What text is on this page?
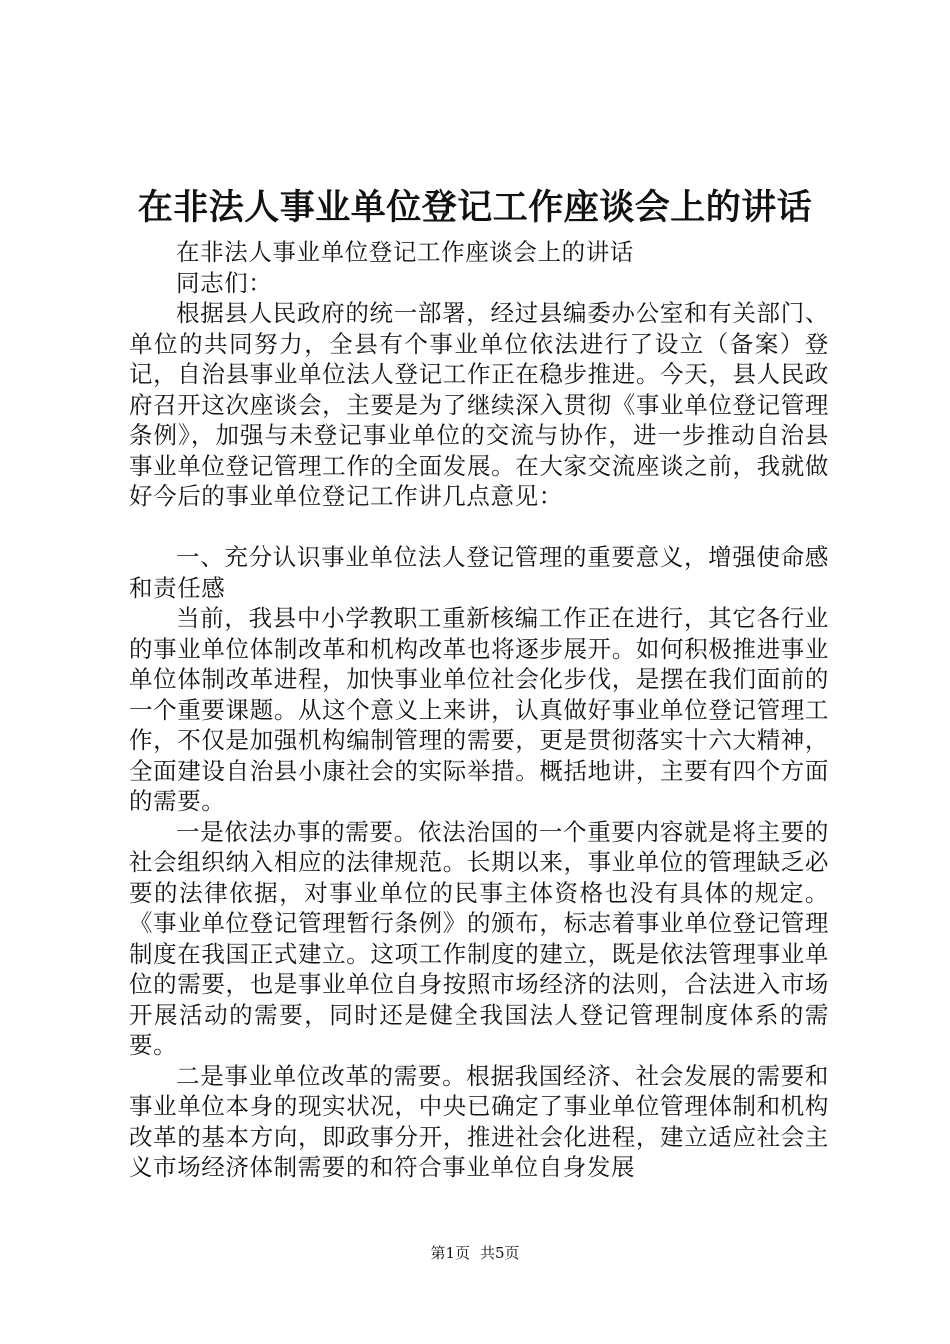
在非法人事业单位登记工作座谈会上的讲话

在非法人事业单位登记工作座谈会上的讲话

同志们：

根据县人民政府的统一部署，经过县编委办公室和有关部门、单位的共同努力，全县有个事业单位依法进行了设立（备案）登记，自治县事业单位法人登记工作正在稳步推进。今天，县人民政府召开这次座谈会，主要是为了继续深入贯彻《事业单位登记管理条例》，加强与未登记事业单位的交流与协作，进一步推动自治县事业单位登记管理工作的全面发展。在大家交流座谈之前，我就做好今后的事业单位登记工作讲几点意见：

一、充分认识事业单位法人登记管理的重要意义，增强使命感和责任感

当前，我县中小学教职工重新核编工作正在进行，其它各行业的事业单位体制改革和机构改革也将逐步展开。如何积极推进事业单位体制改革进程，加快事业单位社会化步伐，是摆在我们面前的一个重要课题。从这个意义上来讲，认真做好事业单位登记管理工作，不仅是加强机构编制管理的需要，更是贯彻落实十六大精神，全面建设自治县小康社会的实际举措。概括地讲，主要有四个方面的需要。

一是依法办事的需要。依法治国的一个重要内容就是将主要的社会组织纳入相应的法律规范。长期以来，事业单位的管理缺乏必要的法律依据，对事业单位的民事主体资格也没有具体的规定。《事业单位登记管理暂行条例》的颁布，标志着事业单位登记管理制度在我国正式建立。这项工作制度的建立，既是依法管理事业单位的需要，也是事业单位自身按照市场经济的法则，合法进入市场开展活动的需要，同时还是健全我国法人登记管理制度体系的需要。

二是事业单位改革的需要。根据我国经济、社会发展的需要和事业单位本身的现实状况，中央已确定了事业单位管理体制和机构改革的基本方向，即政事分开，推进社会化进程，建立适应社会主义市场经济体制需要的和符合事业单位自身发展

第1页 共5页
